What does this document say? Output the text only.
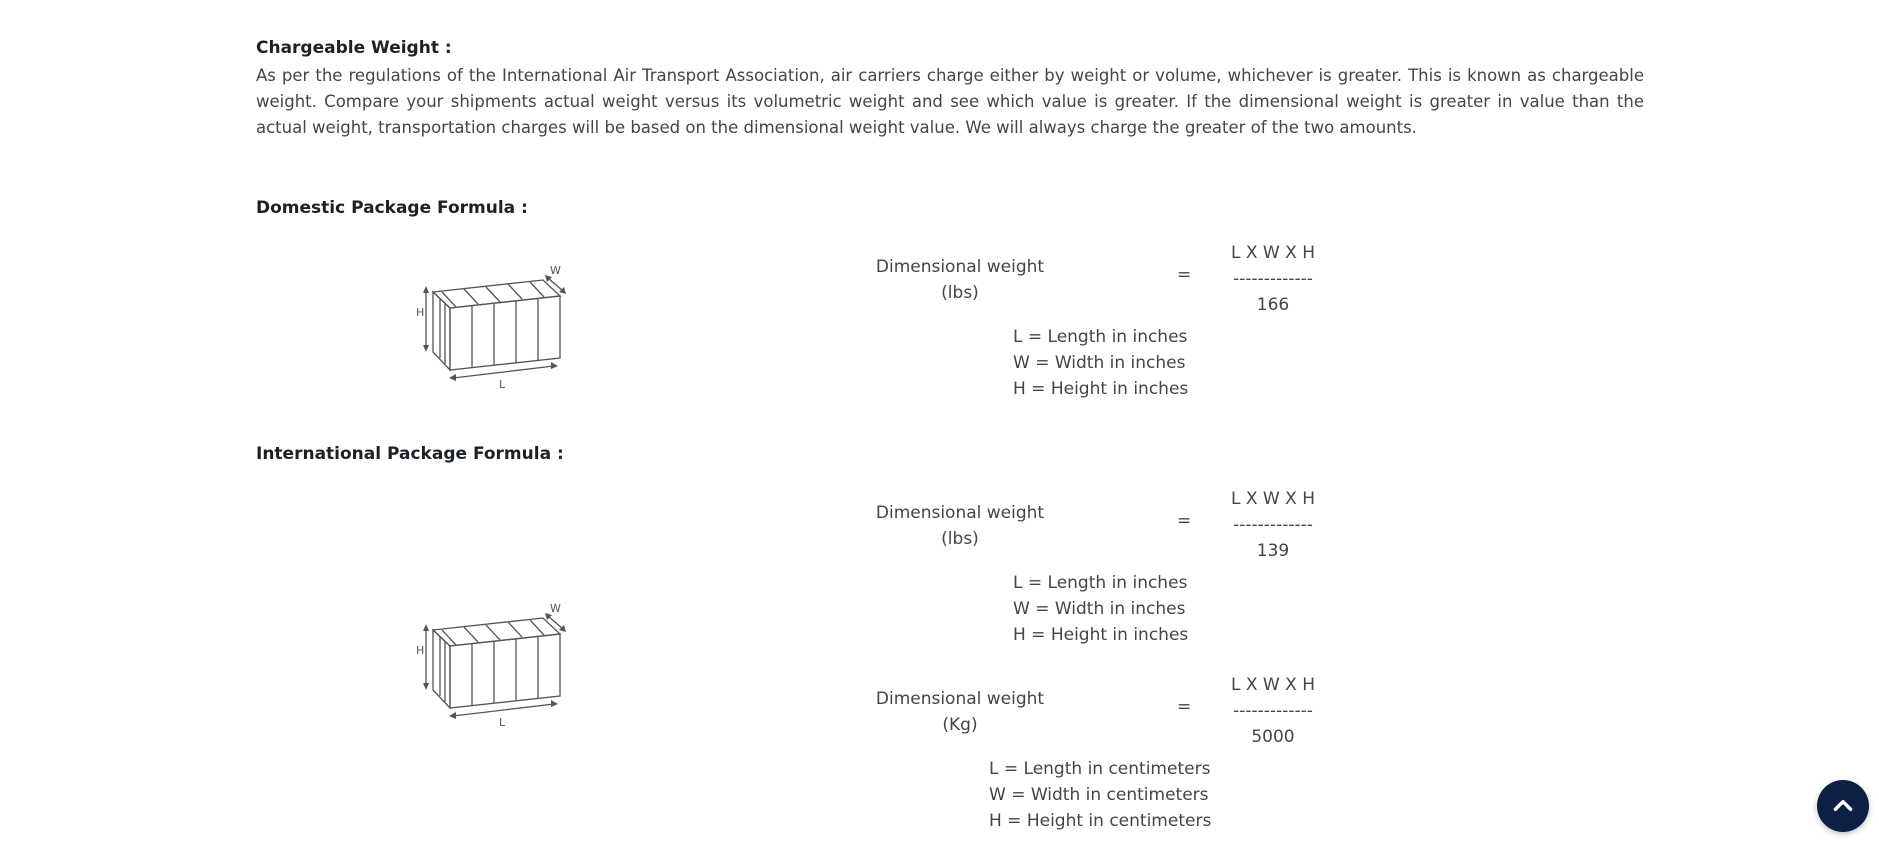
Chargeable Weight :

As per the regulations of the International Air Transport Association, air carriers charge either by weight or volume, whichever is greater. This is known as chargeable weight. Compare your shipments actual weight versus its volumetric weight and see which value is greater. If the dimensional weight is greater in value than the actual weight, transportation charges will be based on the dimensional weight value. We will always charge the greater of the two amounts.

Domestic Package Formula :
H
L
W	Dimensional weight
(lbs)
=
L X W X H
-------------
166
L = Length in inches
W = Width in inches
H = Height in inches
International Package Formula :
H
L
W
Dimensional weight
(lbs)
=
L X W X H
-------------
139
L = Length in inches
W = Width in inches
H = Height in inches
Dimensional weight
(Kg)
=
L X W X H
-------------
5000
L = Length in centimeters
W = Width in centimeters
H = Height in centimeters
